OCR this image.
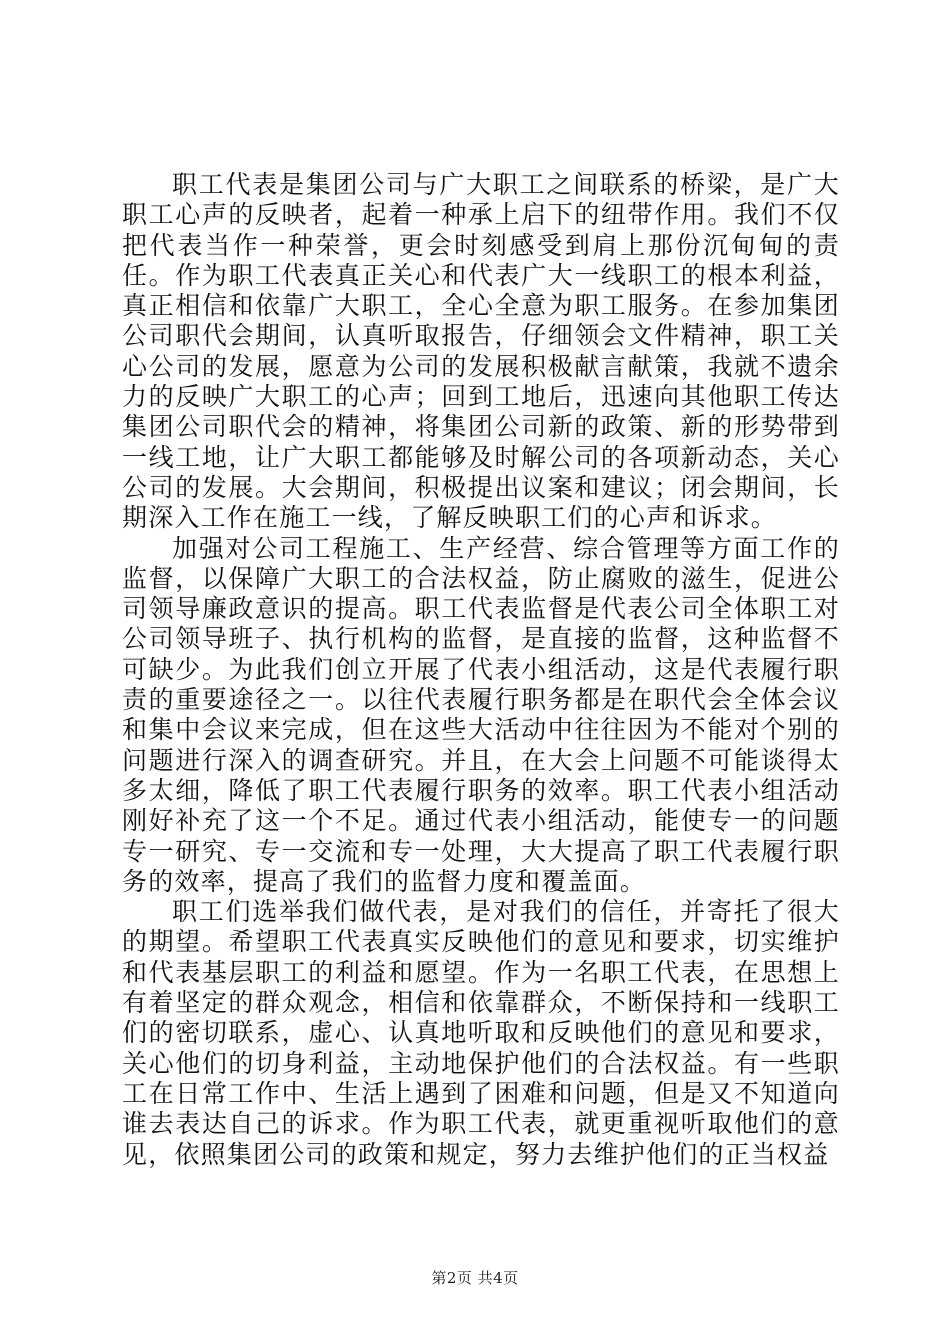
职工代表是集团公司与广大职工之间联系的桥梁，是广大职工心声的反映者，起着一种承上启下的纽带作用。我们不仅把代表当作一种荣誉，更会时刻感受到肩上那份沉甸甸的责任。作为职工代表真正关心和代表广大一线职工的根本利益，真正相信和依靠广大职工，全心全意为职工服务。在参加集团公司职代会期间，认真听取报告，仔细领会文件精神，职工关心公司的发展，愿意为公司的发展积极献言献策，我就不遗余力的反映广大职工的心声；回到工地后，迅速向其他职工传达集团公司职代会的精神，将集团公司新的政策、新的形势带到一线工地，让广大职工都能够及时解公司的各项新动态，关心公司的发展。大会期间，积极提出议案和建议；闭会期间，长期深入工作在施工一线，了解反映职工们的心声和诉求。

加强对公司工程施工、生产经营、综合管理等方面工作的监督，以保障广大职工的合法权益，防止腐败的滋生，促进公司领导廉政意识的提高。职工代表监督是代表公司全体职工对公司领导班子、执行机构的监督，是直接的监督，这种监督不可缺少。为此我们创立开展了代表小组活动，这是代表履行职责的重要途径之一。以往代表履行职务都是在职代会全体会议和集中会议来完成，但在这些大活动中往往因为不能对个别的问题进行深入的调查研究。并且，在大会上问题不可能谈得太多太细，降低了职工代表履行职务的效率。职工代表小组活动刚好补充了这一个不足。通过代表小组活动，能使专一的问题专一研究、专一交流和专一处理，大大提高了职工代表履行职务的效率，提高了我们的监督力度和覆盖面。

职工们选举我们做代表，是对我们的信任，并寄托了很大的期望。希望职工代表真实反映他们的意见和要求，切实维护和代表基层职工的利益和愿望。作为一名职工代表，在思想上有着坚定的群众观念，相信和依靠群众，不断保持和一线职工们的密切联系，虚心、认真地听取和反映他们的意见和要求，关心他们的切身利益，主动地保护他们的合法权益。有一些职工在日常工作中、生活上遇到了困难和问题，但是又不知道向谁去表达自己的诉求。作为职工代表，就更重视听取他们的意见，依照集团公司的政策和规定，努力去维护他们的正当权益

第2页 共4页
